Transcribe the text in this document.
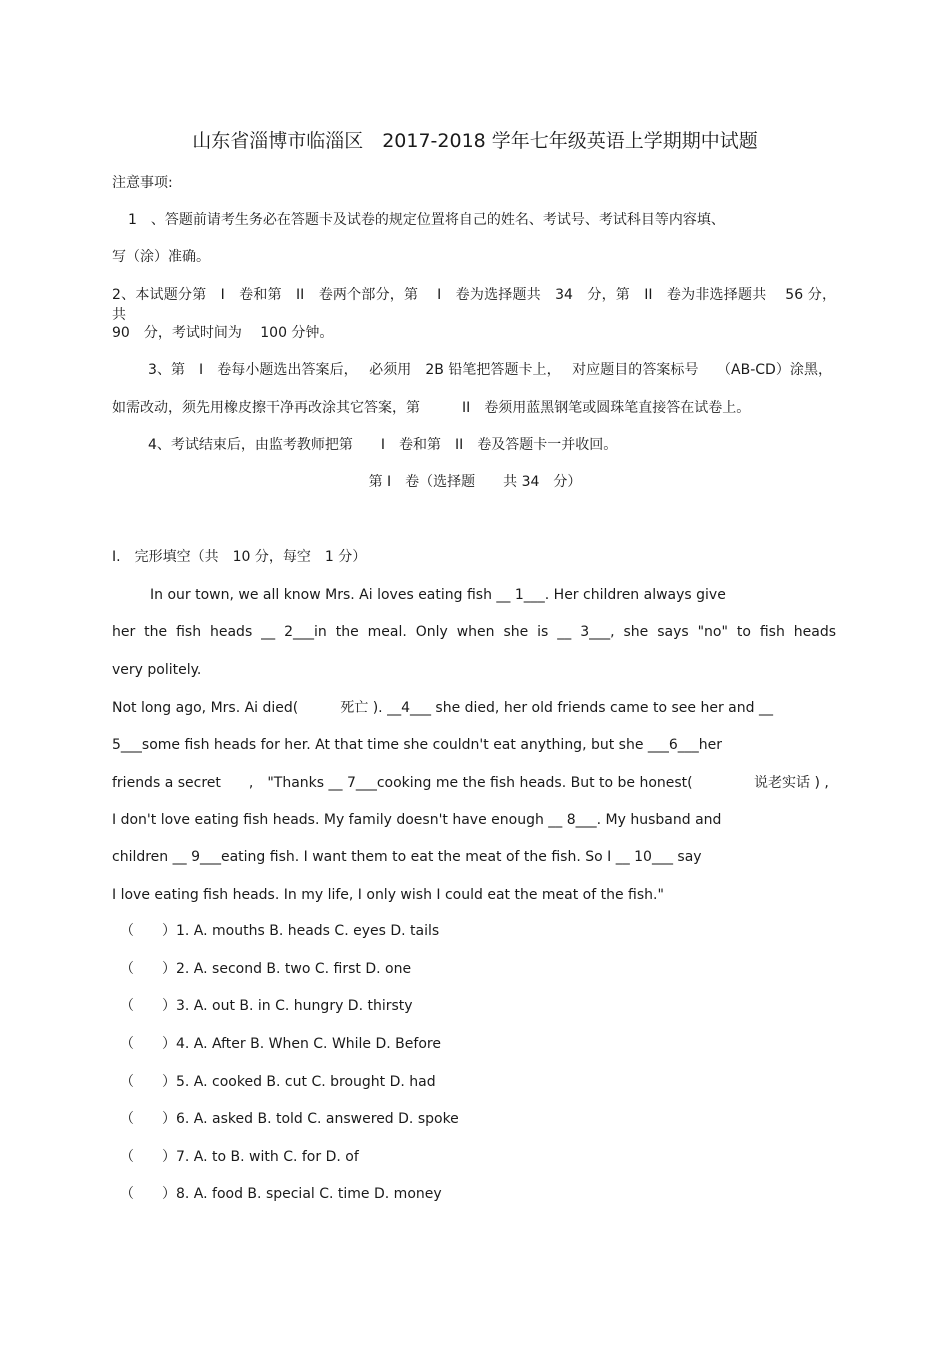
山东省淄博市临淄区　2017-2018 学年七年级英语上学期期中试题
注意事项:
1　、答题前请考生务必在答题卡及试卷的规定位置将自己的姓名、考试号、考试科目等内容填、
写（涂）准确。
2、本试题分第　I　卷和第　II　卷两个部分，第　 I　卷为选择题共　34　分，第　II　卷为非选择题共　 56 分，共
90　分，考试时间为　 100 分钟。
3、第　I　卷每小题选出答案后，　 必须用　2B 铅笔把答题卡上，　 对应题目的答案标号　 （AB-CD）涂黑，
如需改动，须先用橡皮擦干净再改涂其它答案，第　　　II　卷须用蓝黑钢笔或圆珠笔直接答在试卷上。
4、考试结束后，由监考教师把第　　I　卷和第　II　卷及答题卡一并收回。
第 I　卷（选择题　　共 34　分）
I.　完形填空（共　10 分，每空　1 分）
In our town, we all know Mrs. Ai loves eating fish __ 1___. Her children always give
her the fish heads __ 2___in the meal. Only when she is __ 3___, she says "no" to fish heads
very politely.
Not long ago, Mrs. Ai died(　　　死亡 ). __4___ she died, her old friends came to see her and __
5___some fish heads for her. At that time she couldn't eat anything, but she ___6___her
friends a secret　　,　"Thanks __ 7___cooking me the fish heads. But to be honest(	说老实话 ) ,
I don't love eating fish heads. My family doesn't have enough __ 8___. My husband and
children __ 9___eating fish. I want them to eat the meat of the fish. So I __ 10___ say
I love eating fish heads. In my life, I only wish I could eat the meat of the fish."
（　　）1. A. mouths B. heads C. eyes D. tails
（　　）2. A. second B. two C. first D. one
（　　）3. A. out B. in C. hungry D. thirsty
（　　）4. A. After B. When C. While D. Before
（　　）5. A. cooked B. cut C. brought D. had
（　　）6. A. asked B. told C. answered D. spoke
（　　）7. A. to B. with C. for D. of
（　　）8. A. food B. special C. time D. money
